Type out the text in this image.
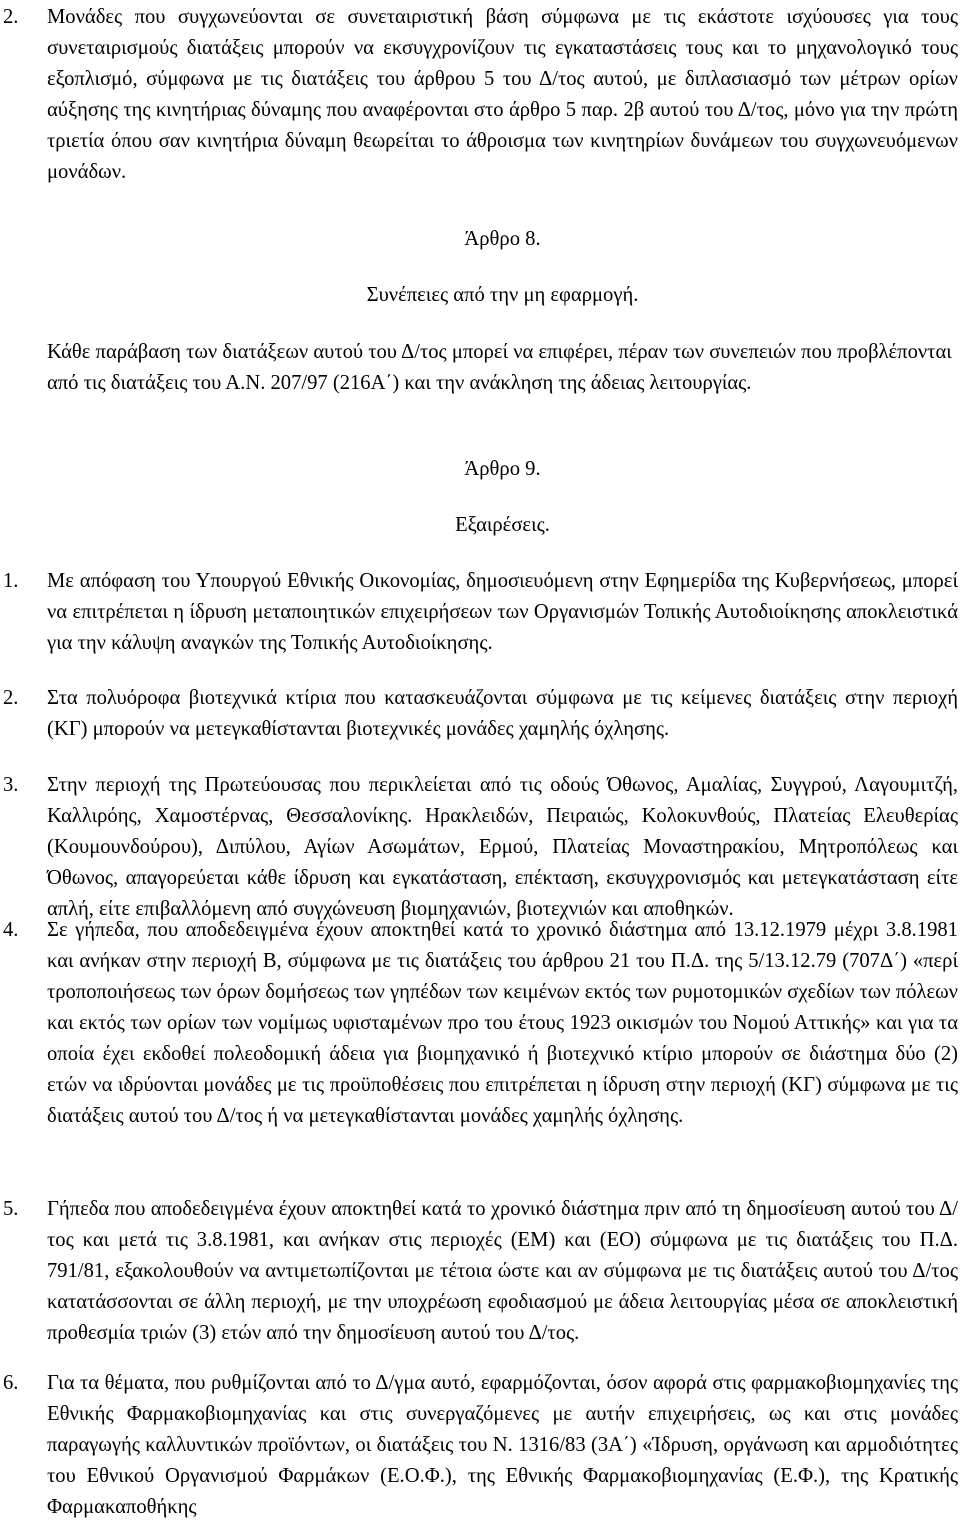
2.	Μονάδες που συγχωνεύονται σε συνεταιριστική βάση σύμφωνα με τις εκάστοτε ισχύουσες για τους συνεταιρισμούς διατάξεις μπορούν να εκσυγχρονίζουν τις εγκαταστάσεις τους και το μηχανολογικό τους εξοπλισμό, σύμφωνα με τις διατάξεις του άρθρου 5 του Δ/τος αυτού, με διπλασιασμό των μέτρων ορίων αύξησης της κινητήριας δύναμης που αναφέρονται στο άρθρο 5 παρ. 2β αυτού του Δ/τος, μόνο για την πρώτη τριετία όπου σαν κινητήρια δύναμη θεωρείται το άθροισμα των κινητηρίων δυνάμεων του συγχωνευόμενων μονάδων.
Άρθρο 8.
Συνέπειες από την μη εφαρμογή.
Κάθε παράβαση των διατάξεων αυτού του Δ/τος μπορεί να επιφέρει, πέραν των συνεπειών που προβλέπονται από τις διατάξεις του Α.Ν. 207/97 (216Α΄) και την ανάκληση της άδειας λειτουργίας.
Άρθρο 9.
Εξαιρέσεις.
1.	Με απόφαση του Υπουργού Εθνικής Οικονομίας, δημοσιευόμενη στην Εφημερίδα της Κυβερνήσεως, μπορεί να επιτρέπεται η ίδρυση μεταποιητικών επιχειρήσεων των Οργανισμών Τοπικής Αυτοδιοίκησης αποκλειστικά για την κάλυψη αναγκών της Τοπικής Αυτοδιοίκησης.
2.	Στα πολυόροφα βιοτεχνικά κτίρια που κατασκευάζονται σύμφωνα με τις κείμενες διατάξεις στην περιοχή (ΚΓ) μπορούν να μετεγκαθίστανται βιοτεχνικές μονάδες χαμηλής όχλησης.
3.	Στην περιοχή της Πρωτεύουσας που περικλείεται από τις οδούς Όθωνος, Αμαλίας, Συγγρού, Λαγουμιτζή, Καλλιρόης, Χαμοστέρνας, Θεσσαλονίκης. Ηρακλειδών, Πειραιώς, Κολοκυνθούς, Πλατείας Ελευθερίας (Κουμουνδούρου), Διπύλου, Αγίων Ασωμάτων, Ερμού, Πλατείας Μοναστηρακίου, Μητροπόλεως και Όθωνος, απαγορεύεται κάθε ίδρυση και εγκατάσταση, επέκταση, εκσυγχρονισμός και μετεγκατάσταση είτε απλή, είτε επιβαλλόμενη από συγχώνευση βιομηχανιών, βιοτεχνιών και αποθηκών.
4.	Σε γήπεδα, που αποδεδειγμένα έχουν αποκτηθεί κατά το χρονικό διάστημα από 13.12.1979 μέχρι 3.8.1981 και ανήκαν στην περιοχή Β, σύμφωνα με τις διατάξεις του άρθρου 21 του Π.Δ. της 5/13.12.79 (707Δ΄) «περί τροποποιήσεως των όρων δομήσεως των γηπέδων των κειμένων εκτός των ρυμοτομικών σχεδίων των πόλεων και εκτός των ορίων των νομίμως υφισταμένων προ του έτους 1923 οικισμών του Νομού Αττικής» και για τα οποία έχει εκδοθεί πολεοδομική άδεια για βιομηχανικό ή βιοτεχνικό κτίριο μπορούν σε διάστημα δύο (2) ετών να ιδρύονται μονάδες με τις προϋποθέσεις που επιτρέπεται η ίδρυση στην περιοχή (ΚΓ) σύμφωνα με τις διατάξεις αυτού του Δ/τος ή να μετεγκαθίστανται μονάδες χαμηλής όχλησης.
5.	Γήπεδα που αποδεδειγμένα έχουν αποκτηθεί κατά το χρονικό διάστημα πριν από τη δημοσίευση αυτού του Δ/τος και μετά τις 3.8.1981, και ανήκαν στις περιοχές (ΕΜ) και (ΕΟ) σύμφωνα με τις διατάξεις του Π.Δ. 791/81, εξακολουθούν να αντιμετωπίζονται με τέτοια ώστε και αν σύμφωνα με τις διατάξεις αυτού του Δ/τος κατατάσσονται σε άλλη περιοχή, με την υποχρέωση εφοδιασμού με άδεια λειτουργίας μέσα σε αποκλειστική προθεσμία τριών (3) ετών από την δημοσίευση αυτού του Δ/τος.
6.	Για τα θέματα, που ρυθμίζονται από το Δ/γμα αυτό, εφαρμόζονται, όσον αφορά στις φαρμακοβιομηχανίες της Εθνικής Φαρμακοβιομηχανίας και στις συνεργαζόμενες με αυτήν επιχειρήσεις, ως και στις μονάδες παραγωγής καλλυντικών προϊόντων, οι διατάξεις του Ν. 1316/83 (3Α΄) «Ίδρυση, οργάνωση και αρμοδιότητες του Εθνικού Οργανισμού Φαρμάκων (Ε.Ο.Φ.), της Εθνικής Φαρμακοβιομηχανίας (Ε.Φ.), της Κρατικής Φαρμακαποθήκης
